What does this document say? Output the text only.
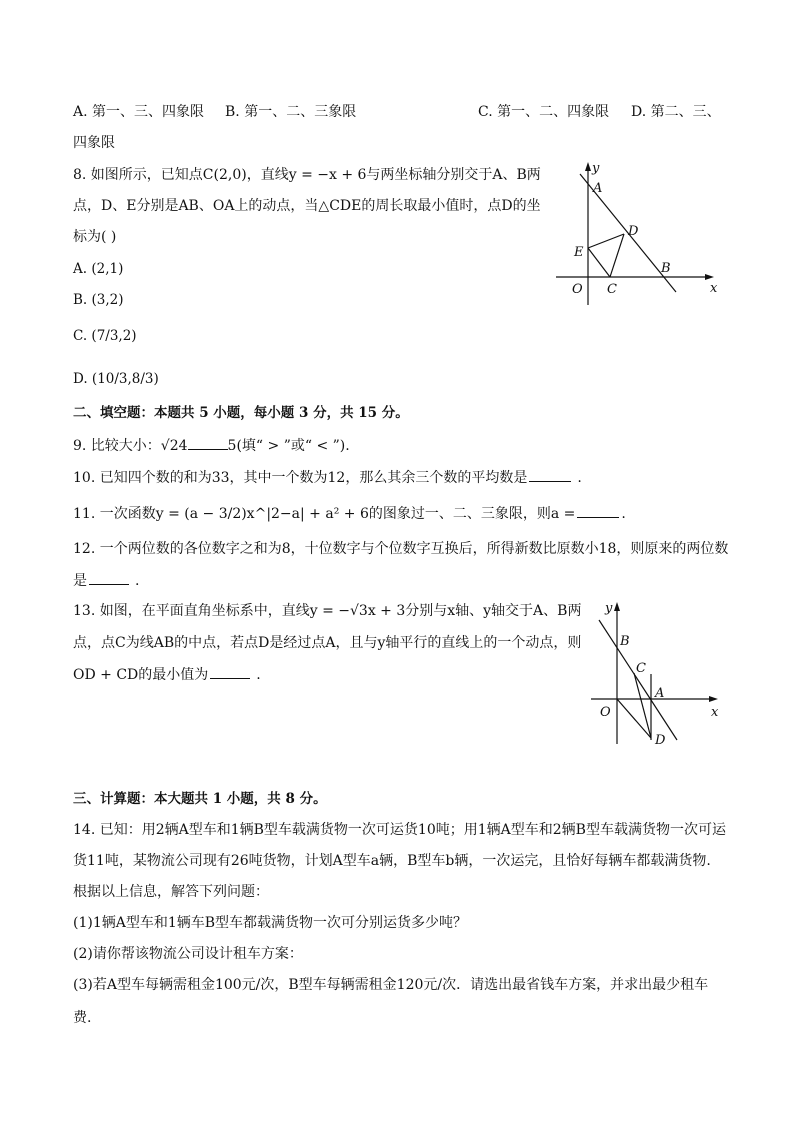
A. 第一、三、四象限 B. 第一、二、三象限	C. 第一、二、四象限 D. 第二、三、
四象限
8. 如图所示，已知点C(2,0)，直线y = −x + 6与两坐标轴分别交于A、B两
点，D、E分别是AB、OA上的动点，当△CDE的周长取最小值时，点D的坐
标为( )
A. (2,1)
B. (3,2)
C. (7/3,2)
D. (10/3,8/3)
y
A
D
E
B
O C	x
二、填空题：本题共 5 小题，每小题 3 分，共 15 分。
9. 比较大小：√24	5(填“ > ”或“ < ”).
10. 已知四个数的和为33，其中一个数为12，那么其余三个数的平均数是	.
11. 一次函数y = (a − 3/2)x^|2−a| + a² + 6的图象过一、二、三象限，则a =	.
12. 一个两位数的各位数字之和为8，十位数字与个位数字互换后，所得新数比原数小18，则原来的两位数
是	.
13. 如图，在平面直角坐标系中，直线y = −√3x + 3分别与x轴、y轴交于A、B两
点，点C为线AB的中点，若点D是经过点A，且与y轴平行的直线上的一个动点，则
OD + CD的最小值为	.
y
B
C
A
O	x
D
三、计算题：本大题共 1 小题，共 8 分。
14. 已知：用2辆A型车和1辆B型车载满货物一次可运货10吨；用1辆A型车和2辆B型车载满货物一次可运
货11吨，某物流公司现有26吨货物，计划A型车a辆，B型车b辆，一次运完，且恰好每辆车都载满货物.
根据以上信息，解答下列问题：
(1)1辆A型车和1辆车B型车都载满货物一次可分别运货多少吨？
(2)请你帮该物流公司设计租车方案：
(3)若A型车每辆需租金100元/次，B型车每辆需租金120元/次．请选出最省钱车方案，并求出最少租车
费.
